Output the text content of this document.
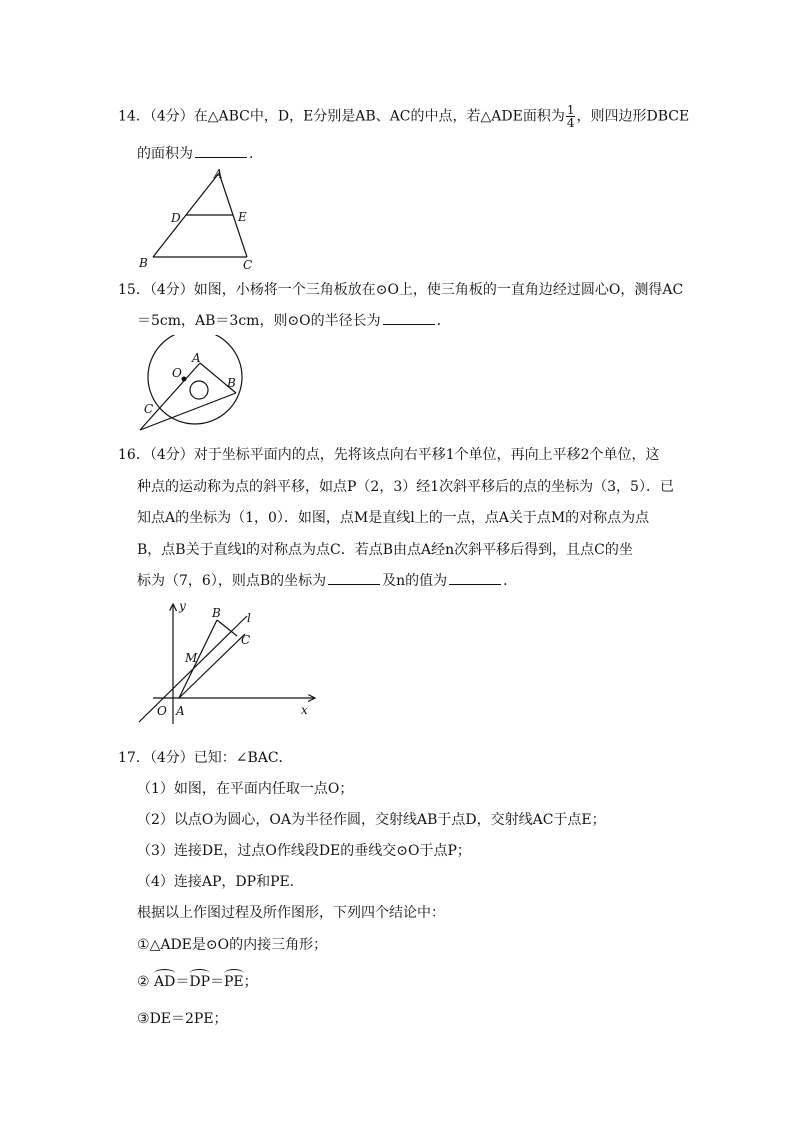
14．（4分）在△ABC中，D，E分别是AB、AC的中点，若△ADE面积为 $\frac{1}{4}$ ，则四边形DBCE
的面积为	．
A
D	E
B	C
15．（4分）如图，小杨将一个三角板放在⊙O上，使三角板的一直角边经过圆心O，测得AC
＝5cm，AB＝3cm，则⊙O的半径长为	．
A
O
B
C
16．（4分）对于坐标平面内的点，先将该点向右平移1个单位，再向上平移2个单位，这
种点的运动称为点的斜平移，如点P（2，3）经1次斜平移后的点的坐标为（3，5）．已
知点A的坐标为（1，0）．如图，点M是直线l上的一点，点A关于点M的对称点为点
B，点B关于直线l的对称点为点C．若点B由点A经n次斜平移后得到，且点C的坐
标为（7，6），则点B的坐标为	及n的值为	．
y
x
O A
B
C
M
l
17．（4分）已知：∠BAC．
（1）如图，在平面内任取一点O；
（2）以点O为圆心，OA为半径作圆，交射线AB于点D，交射线AC于点E；
（3）连接DE，过点O作线段DE的垂线交⊙O于点P；
（4）连接AP，DP和PE．
根据以上作图过程及所作图形，下列四个结论中：
①△ADE是⊙O的内接三角形；
② AD＝DP＝PE；
③DE＝2PE；
